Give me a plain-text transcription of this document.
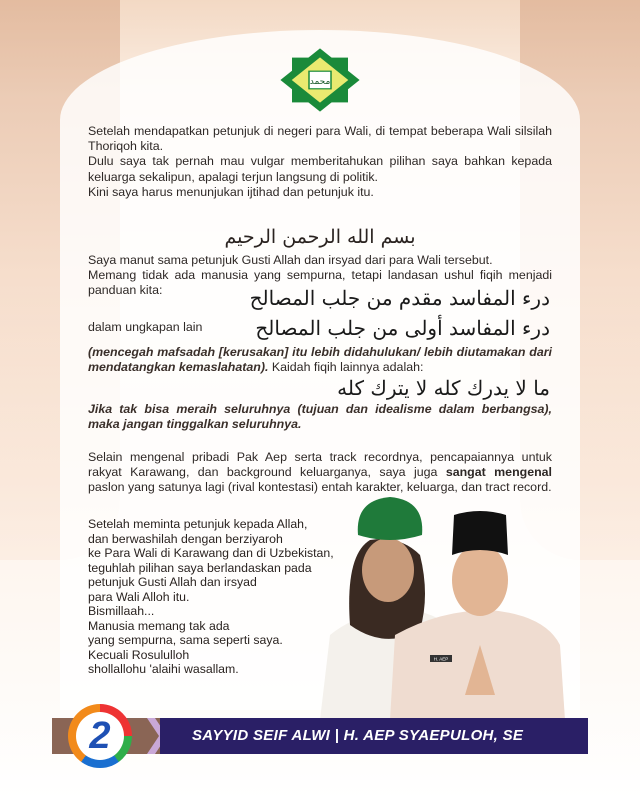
محمد

Setelah mendapatkan petunjuk di negeri para Wali, di tempat beberapa Wali silsilah Thoriqoh kita.

Dulu saya tak pernah mau vulgar memberitahukan pilihan saya bahkan kepada keluarga sekalipun, apalagi terjun langsung di politik.

Kini saya harus menunjukan ijtihad dan petunjuk itu.

بسم الله الرحمن الرحيم

Saya manut sama petunjuk Gusti Allah dan irsyad dari para Wali tersebut.

Memang tidak ada manusia yang sempurna, tetapi landasan ushul fiqih menjadi panduan kita:	درء المفاسد مقدم من جلب المصالح
dalam ungkapan lain	درء المفاسد أولى من جلب المصالح
(mencegah mafsadah [kerusakan] itu lebih didahulukan/ lebih diutamakan dari mendatangkan kemaslahatan). Kaidah fiqih lainnya adalah:
ما لا يدرك كله لا يترك كله
Jika tak bisa meraih seluruhnya (tujuan dan idealisme dalam berbangsa), maka jangan tinggalkan seluruhnya.
Selain mengenal pribadi Pak Aep serta track recordnya, pencapaiannya untuk rakyat Karawang, dan background keluarganya, saya juga sangat mengenal paslon yang satunya lagi (rival kontestasi) entah karakter, keluarga, dan tract record.
Setelah meminta petunjuk kepada Allah,
dan berwashilah dengan berziyaroh
ke Para Wali di Karawang dan di Uzbekistan,
teguhlah pilihan saya berlandaskan pada
petunjuk Gusti Allah dan irsyad
para Wali Alloh itu.
Bismillaah...
Manusia memang tak ada
yang sempurna, sama seperti saya.
Kecuali Rosululloh
shollallohu 'alaihi wasallam.
H. AEP
SAYYID SEIF ALWI | H. AEP SYAEPULOH, SE
2
